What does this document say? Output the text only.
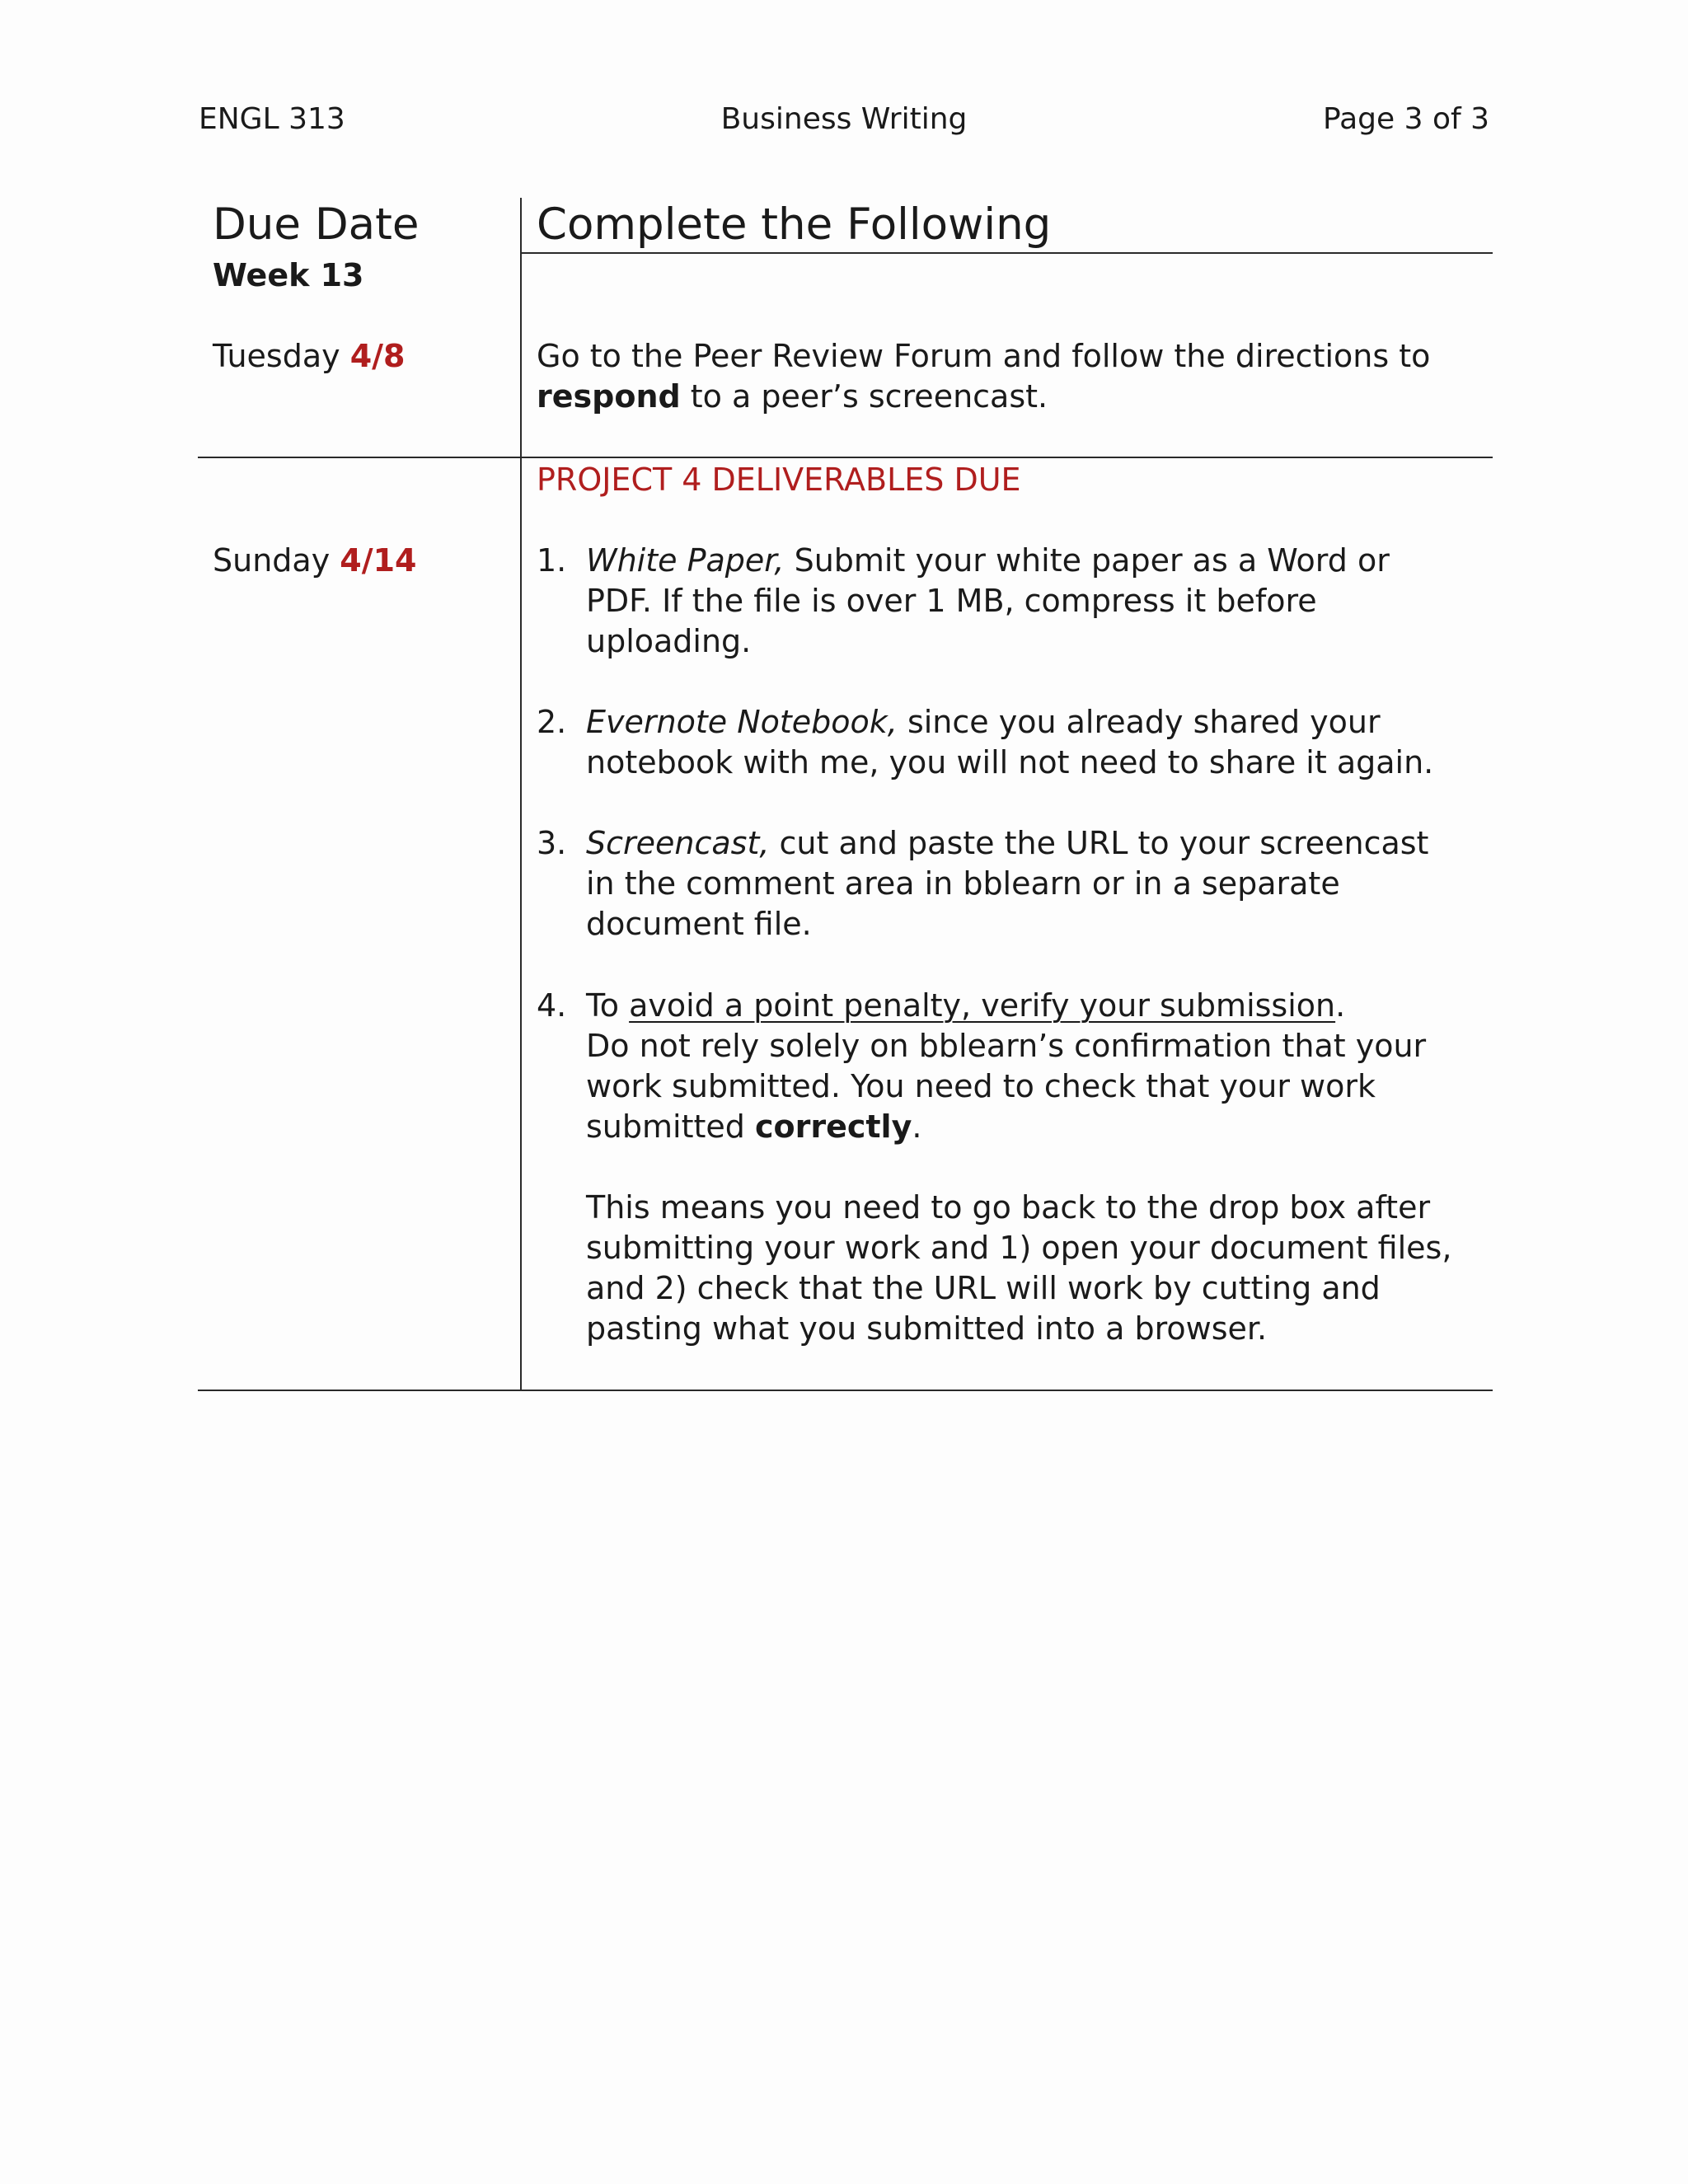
ENGL 313	Business Writing	Page 3 of 3
Due Date	Complete the Following
Week 13
Tuesday 4/8	Go to the Peer Review Forum and follow the directions to
respond to a peer’s screencast.
PROJECT 4 DELIVERABLES DUE
Sunday 4/14	1. White Paper, Submit your white paper as a Word or
PDF. If the file is over 1 MB, compress it before
uploading.
2. Evernote Notebook, since you already shared your
notebook with me, you will not need to share it again.
3. Screencast, cut and paste the URL to your screencast
in the comment area in bblearn or in a separate
document file.
4. To avoid a point penalty, verify your submission.
Do not rely solely on bblearn’s confirmation that your
work submitted. You need to check that your work
submitted correctly.
This means you need to go back to the drop box after
submitting your work and 1) open your document files,
and 2) check that the URL will work by cutting and
pasting what you submitted into a browser.
